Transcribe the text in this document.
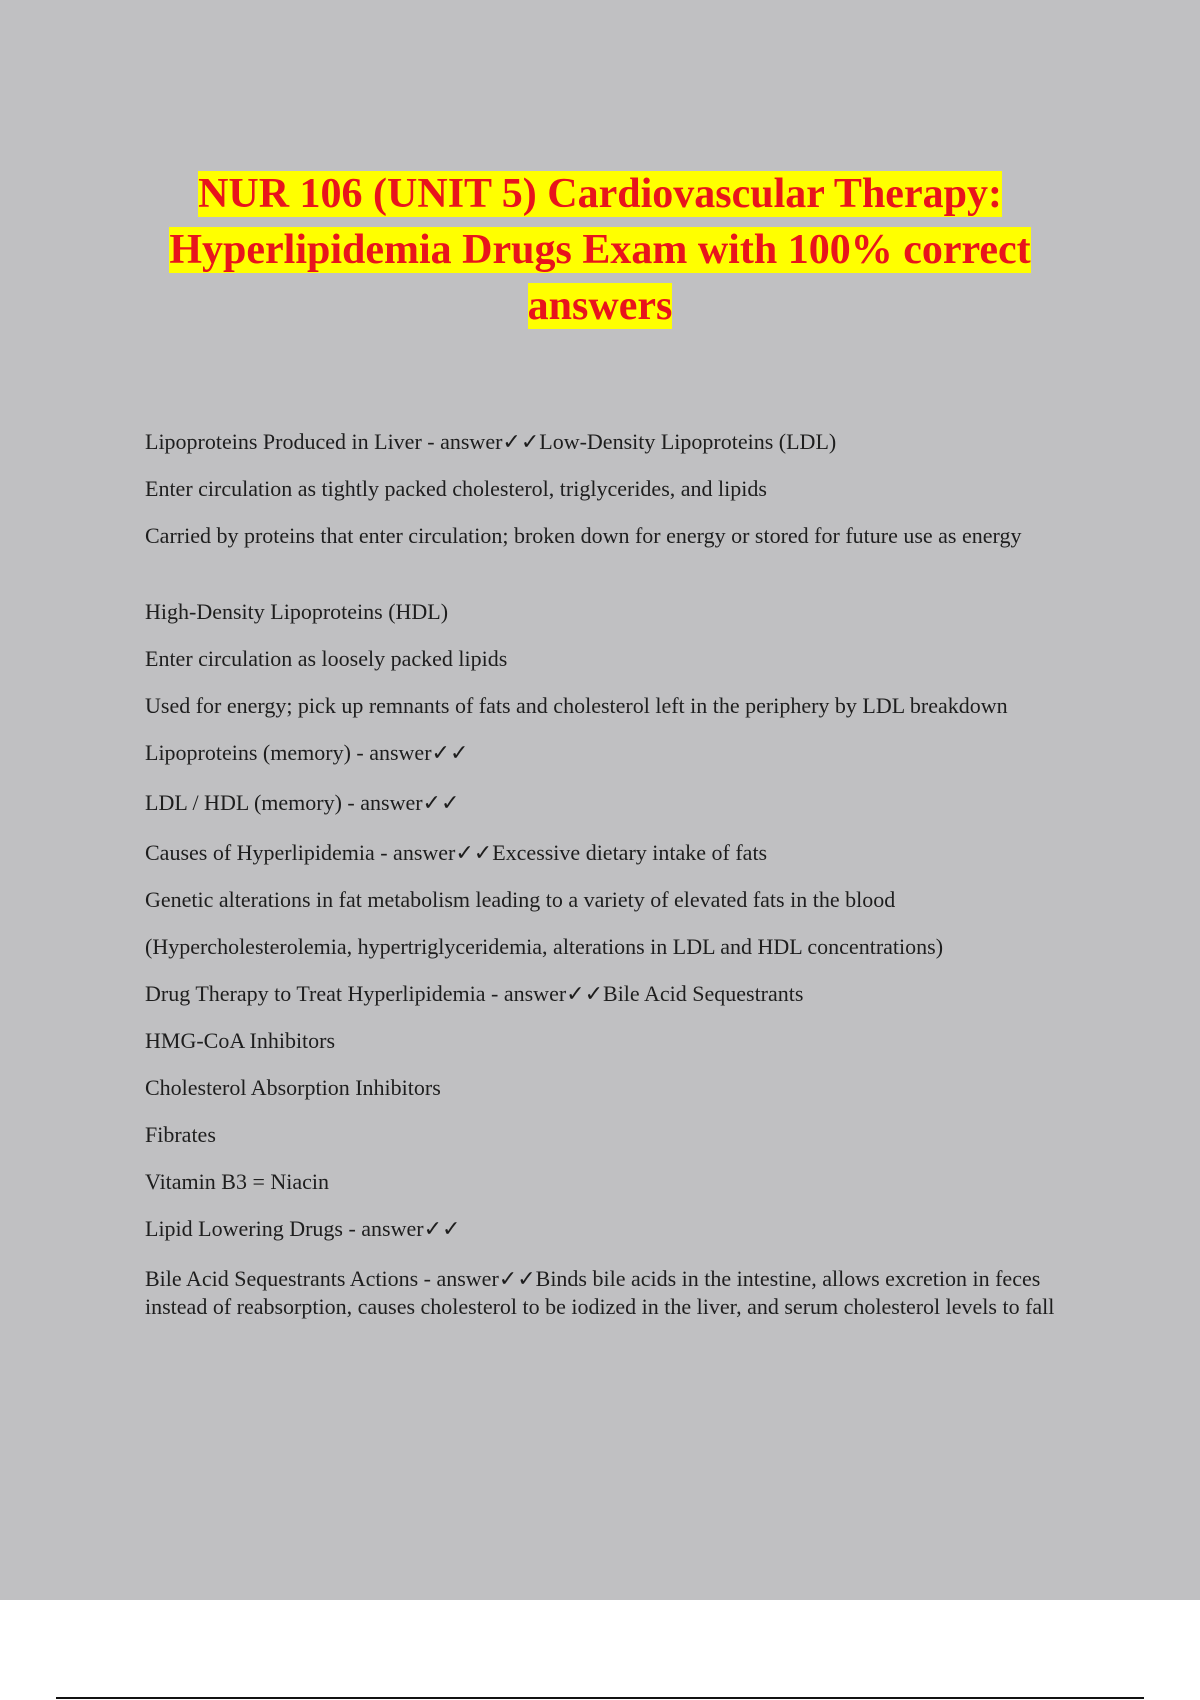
NUR 106 (UNIT 5) Cardiovascular Therapy: Hyperlipidemia Drugs Exam with 100% correct answers

Lipoproteins Produced in Liver - answer✓✓Low-Density Lipoproteins (LDL)

Enter circulation as tightly packed cholesterol, triglycerides, and lipids

Carried by proteins that enter circulation; broken down for energy or stored for future use as energy

High-Density Lipoproteins (HDL)

Enter circulation as loosely packed lipids

Used for energy; pick up remnants of fats and cholesterol left in the periphery by LDL breakdown

Lipoproteins (memory) - answer✓✓

LDL / HDL (memory) - answer✓✓

Causes of Hyperlipidemia - answer✓✓Excessive dietary intake of fats

Genetic alterations in fat metabolism leading to a variety of elevated fats in the blood

(Hypercholesterolemia, hypertriglyceridemia, alterations in LDL and HDL concentrations)

Drug Therapy to Treat Hyperlipidemia - answer✓✓Bile Acid Sequestrants

HMG-CoA Inhibitors

Cholesterol Absorption Inhibitors

Fibrates

Vitamin B3 = Niacin

Lipid Lowering Drugs - answer✓✓

Bile Acid Sequestrants Actions - answer✓✓Binds bile acids in the intestine, allows excretion in feces instead of reabsorption, causes cholesterol to be iodized in the liver, and serum cholesterol levels to fall
